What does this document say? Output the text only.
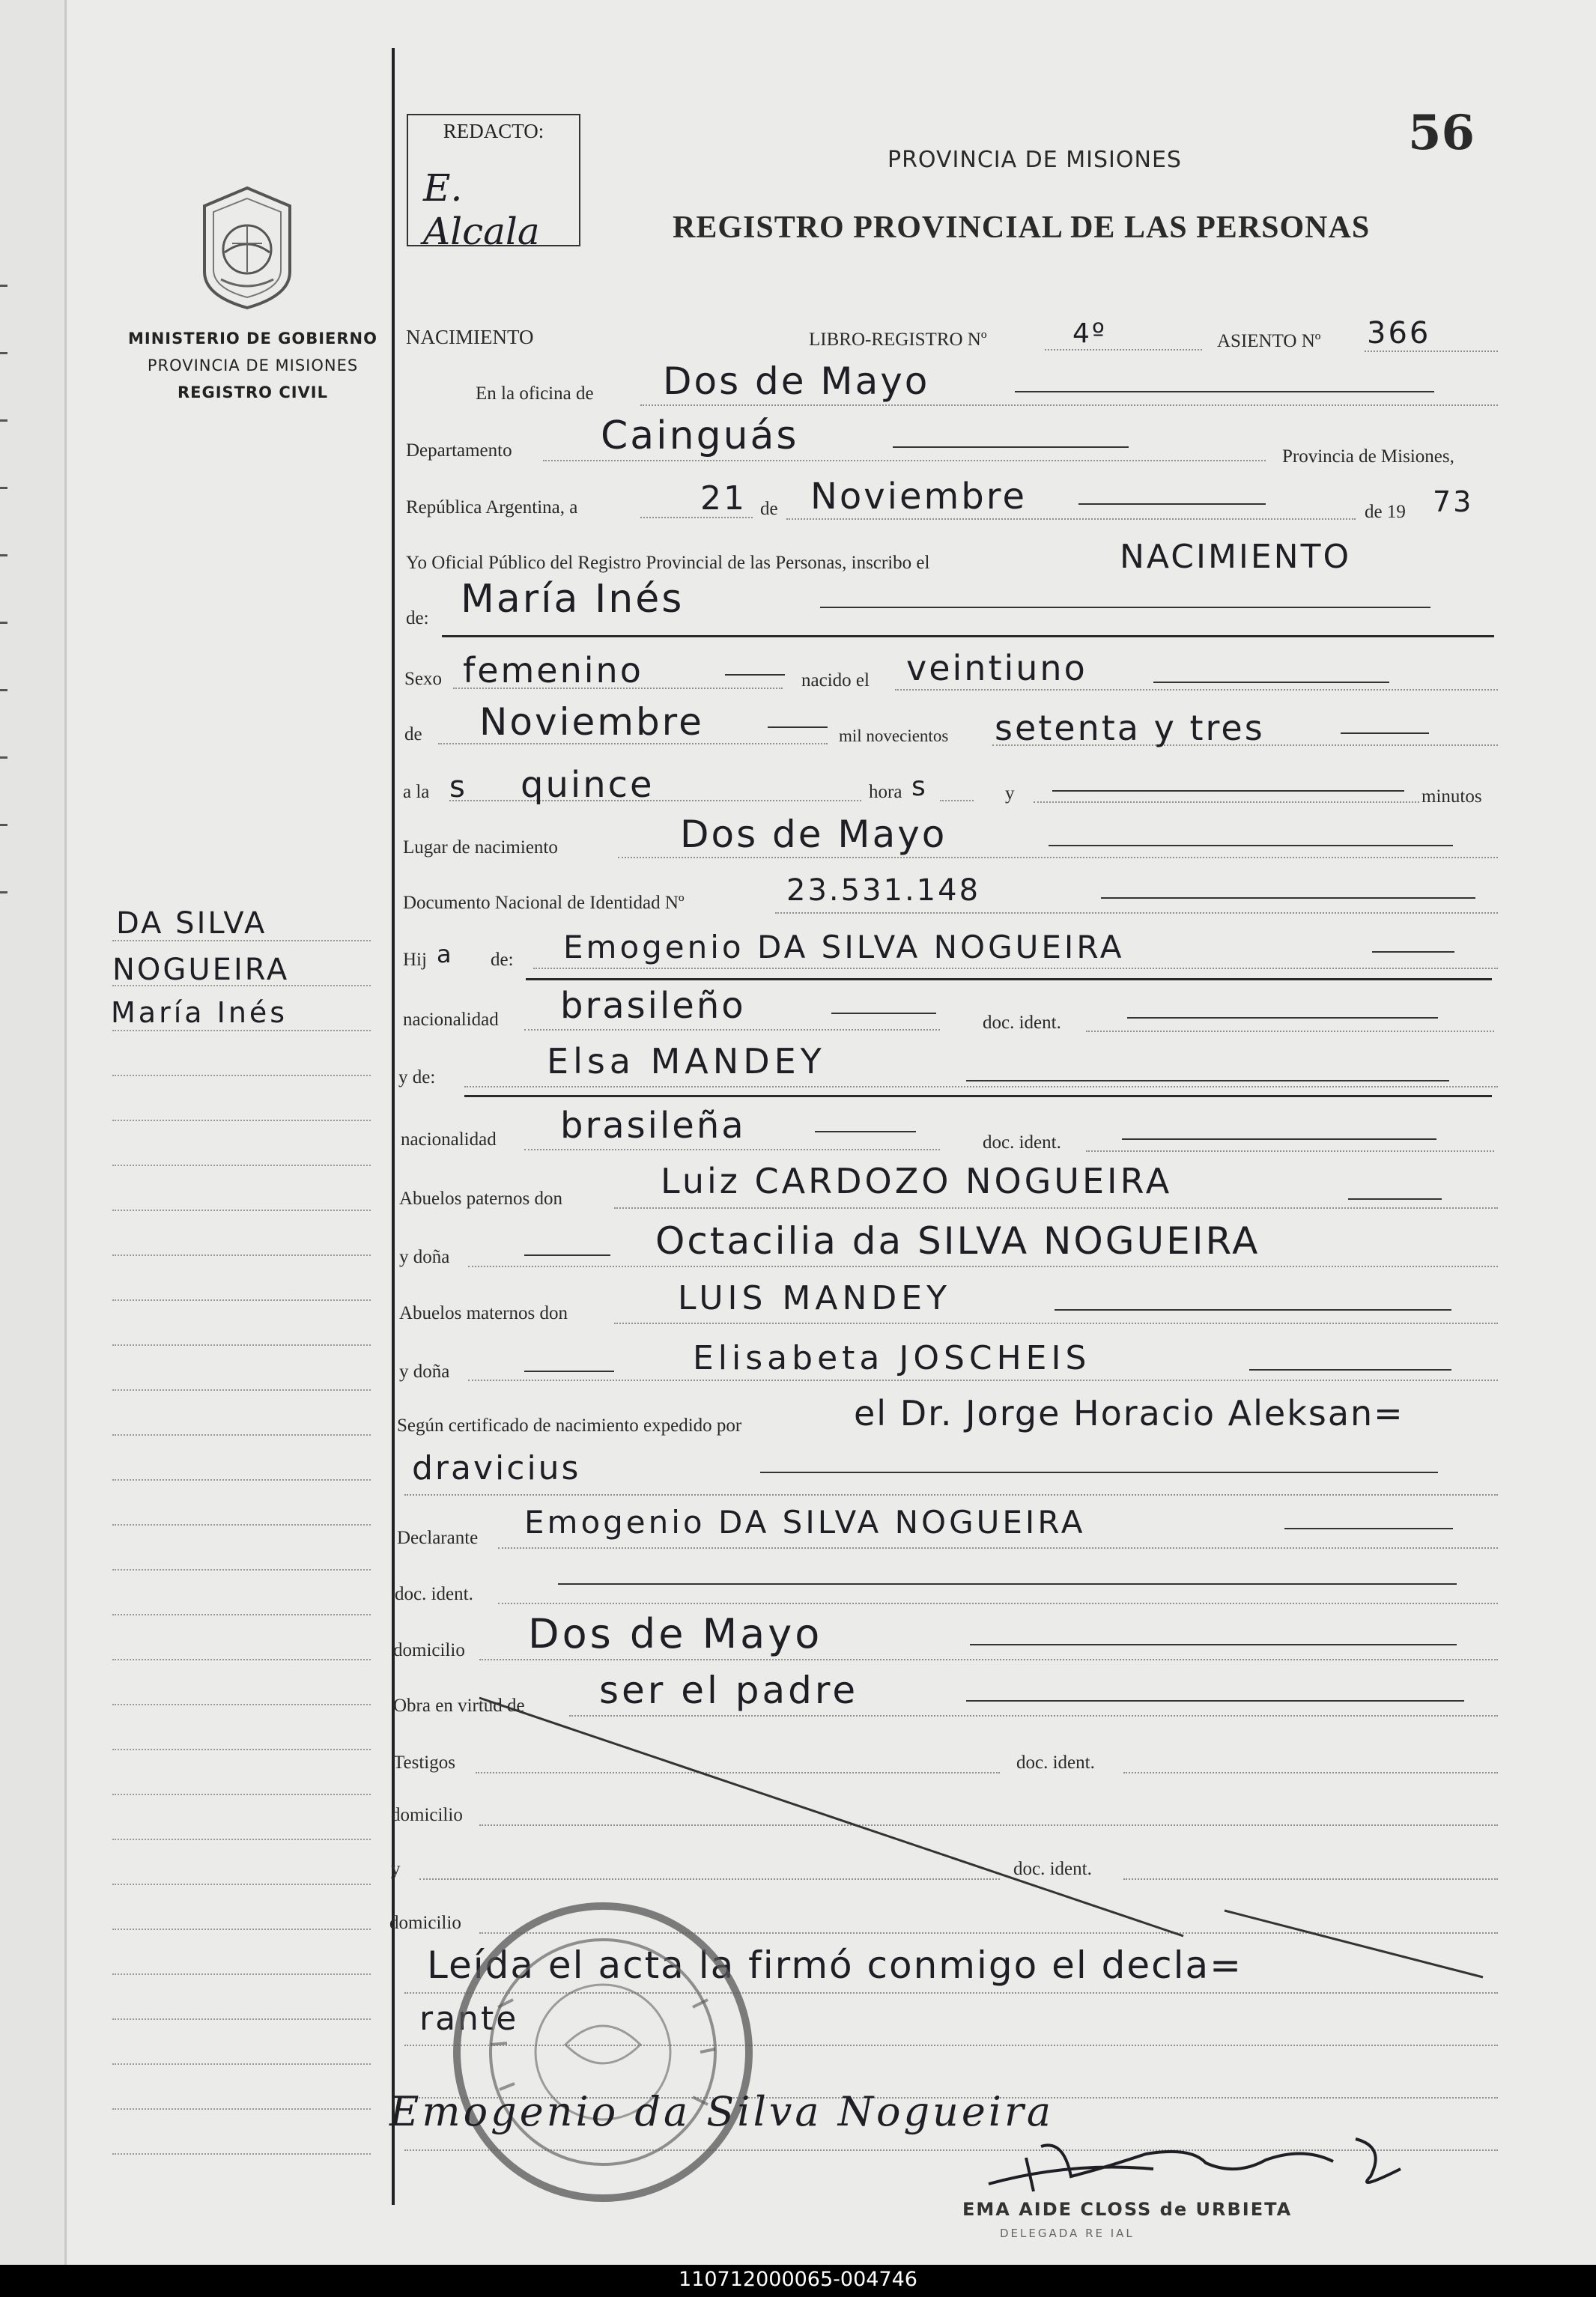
MINISTERIO DE GOBIERNO
PROVINCIA DE MISIONES
REGISTRO CIVIL
DA SILVA
NOGUEIRA
María Inés
REDACTO:
E. Alcala
56
PROVINCIA DE MISIONES
REGISTRO PROVINCIAL DE LAS PERSONAS
NACIMIENTO	LIBRO-REGISTRO Nº	4º	ASIENTO Nº 366
En la oficina de Dos de Mayo
Departamento Cainguás	Provincia de Misiones,
República Argentina, a	21 de Noviembre	de 19 73
Yo Oficial Público del Registro Provincial de las Personas, inscribo el	NACIMIENTO
de: María Inés
Sexo femenino	nacido el veintiuno
de Noviembre	mil novecientos setenta y tres
a la s quince	hora s	y	minutos
Lugar de nacimiento	Dos de Mayo
Documento Nacional de Identidad Nº	23.531.148
Hij a de: Emogenio DA SILVA NOGUEIRA
nacionalidad brasileño	doc. ident.
y de:	Elsa MANDEY
nacionalidad brasileña	doc. ident.
Abuelos paternos don	Luiz CARDOZO NOGUEIRA
y doña	Octacilia da SILVA NOGUEIRA
Abuelos maternos don	LUIS MANDEY
y doña	Elisabeta JOSCHEIS
Según certificado de nacimiento expedido por	el Dr. Jorge Horacio Aleksan=
dravicius
Declarante Emogenio DA SILVA NOGUEIRA
doc. ident.
domicilio Dos de Mayo
Obra en virtud de ser el padre
Testigos	doc. ident.
domicilio
y	doc. ident.
domicilio
Leída el acta la firmó conmigo el decla=
rante
Emogenio da Silva Nogueira
EMA AIDE CLOSS de URBIETA
DELEGADA RE IAL
110712000065-004746
